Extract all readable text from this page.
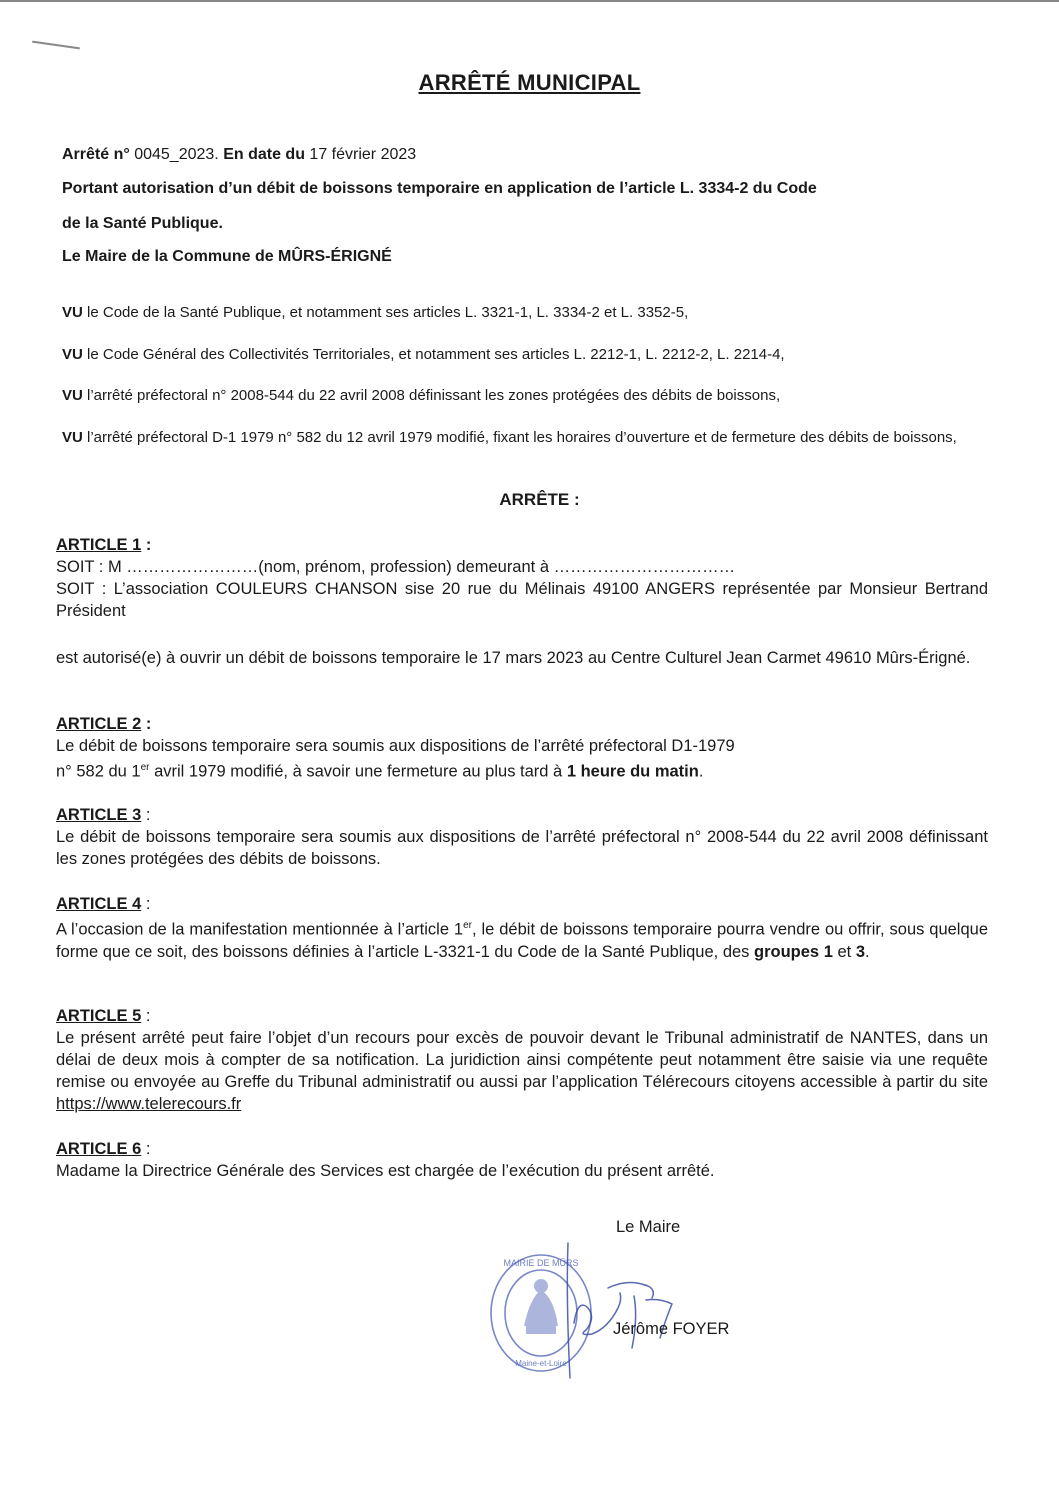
ARRÊTÉ MUNICIPAL
Arrêté n° 0045_2023. En date du 17 février 2023
Portant autorisation d’un débit de boissons temporaire en application de l’article L. 3334-2 du Code
de la Santé Publique.
Le Maire de la Commune de MÛRS-ÉRIGNÉ
VU le Code de la Santé Publique, et notamment ses articles L. 3321-1, L. 3334-2 et L. 3352-5,
VU le Code Général des Collectivités Territoriales, et notamment ses articles L. 2212-1, L. 2212-2, L. 2214-4,
VU l’arrêté préfectoral n° 2008-544 du 22 avril 2008 définissant les zones protégées des débits de boissons,
VU l’arrêté préfectoral D-1 1979 n° 582 du 12 avril 1979 modifié, fixant les horaires d’ouverture et de fermeture des débits de boissons,
ARRÊTE :
ARTICLE 1 :
SOIT : M ……………………(nom, prénom, profession) demeurant à ……………………………
SOIT : L’association COULEURS CHANSON sise 20 rue du Mélinais 49100 ANGERS représentée par Monsieur Bertrand Président
est autorisé(e) à ouvrir un débit de boissons temporaire le 17 mars 2023 au Centre Culturel Jean Carmet 49610 Mûrs-Érigné.
ARTICLE 2 :
Le débit de boissons temporaire sera soumis aux dispositions de l’arrêté préfectoral D1-1979
n° 582 du 1er avril 1979 modifié, à savoir une fermeture au plus tard à 1 heure du matin.
ARTICLE 3 :
Le débit de boissons temporaire sera soumis aux dispositions de l’arrêté préfectoral n° 2008-544 du 22 avril 2008 définissant les zones protégées des débits de boissons.
ARTICLE 4 :
A l’occasion de la manifestation mentionnée à l’article 1er, le débit de boissons temporaire pourra vendre ou offrir, sous quelque forme que ce soit, des boissons définies à l’article L-3321-1 du Code de la Santé Publique, des groupes 1 et 3.
ARTICLE 5 :
Le présent arrêté peut faire l’objet d’un recours pour excès de pouvoir devant le Tribunal administratif de NANTES, dans un délai de deux mois à compter de sa notification. La juridiction ainsi compétente peut notamment être saisie via une requête remise ou envoyée au Greffe du Tribunal administratif ou aussi par l’application Télérecours citoyens accessible à partir du site https://www.telerecours.fr
ARTICLE 6 :
Madame la Directrice Générale des Services est chargée de l’exécution du présent arrêté.
Le Maire
MAIRIE DE MÛRS
Maine-et-Loire
Jérôme FOYER
